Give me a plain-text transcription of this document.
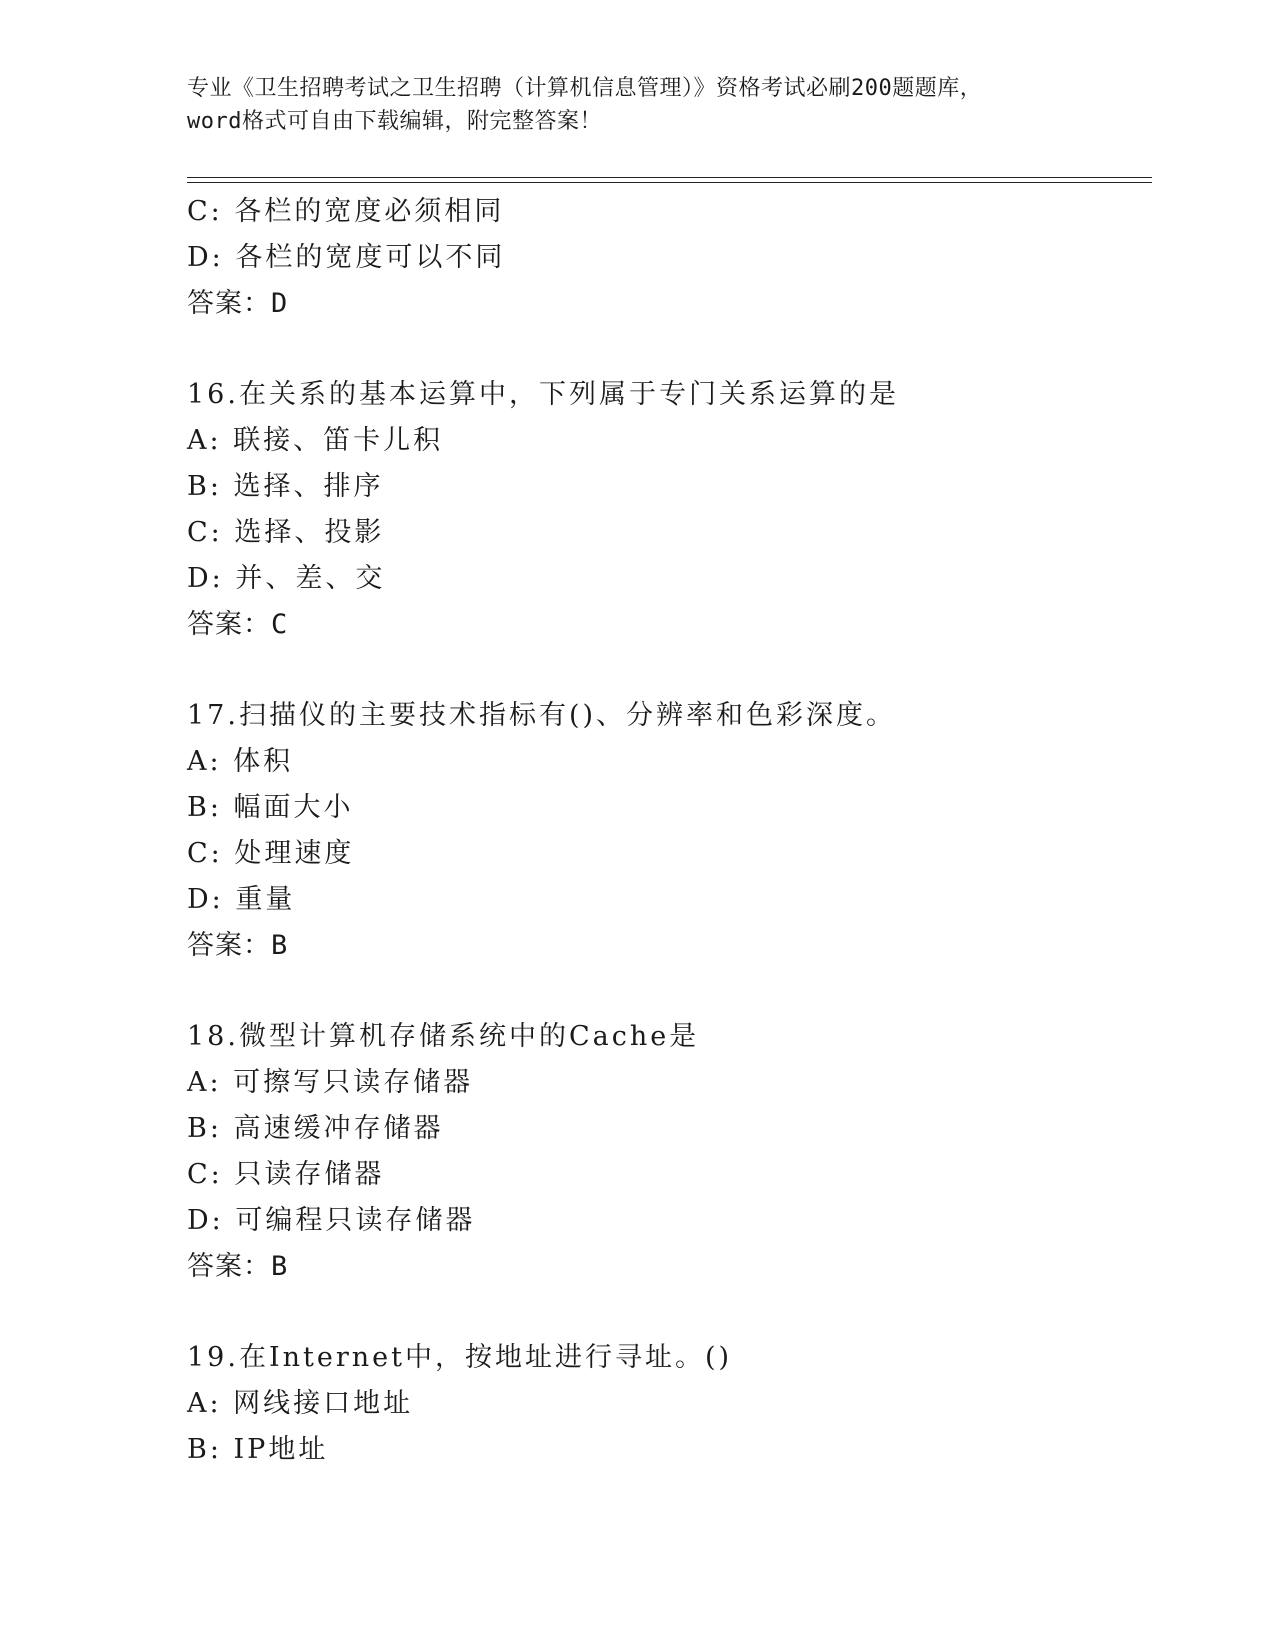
专业《卫生招聘考试之卫生招聘（计算机信息管理）》资格考试必刷200题题库，
word格式可自由下载编辑，附完整答案！
C: 各栏的宽度必须相同
D: 各栏的宽度可以不同
答案：D
16.在关系的基本运算中，下列属于专门关系运算的是
A: 联接、笛卡儿积
B: 选择、排序
C: 选择、投影
D: 并、差、交
答案：C
17.扫描仪的主要技术指标有()、分辨率和色彩深度。
A: 体积
B: 幅面大小
C: 处理速度
D: 重量
答案：B
18.微型计算机存储系统中的Cache是
A: 可擦写只读存储器
B: 高速缓冲存储器
C: 只读存储器
D: 可编程只读存储器
答案：B
19.在Internet中，按地址进行寻址。()
A: 网线接口地址
B: IP地址
